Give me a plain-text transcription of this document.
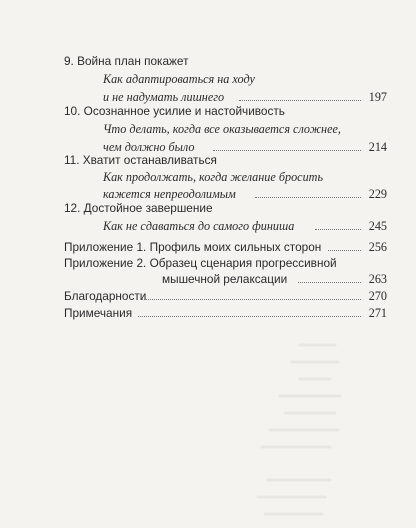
9. Война план покажет
Как адаптироваться на ходу
и не надумать лишнего	197
10. Осознанное усилие и настойчивость
Что делать, когда все оказывается сложнее,
чем должно было	214
11. Хватит останавливаться
Как продолжать, когда желание бросить
кажется непреодолимым	229
12. Достойное завершение
Как не сдаваться до самого финиша	245
Приложение 1. Профиль моих сильных сторон	256
Приложение 2. Образец сценария прогрессивной
мышечной релаксации	263
Благодарности	270
Примечания	271
